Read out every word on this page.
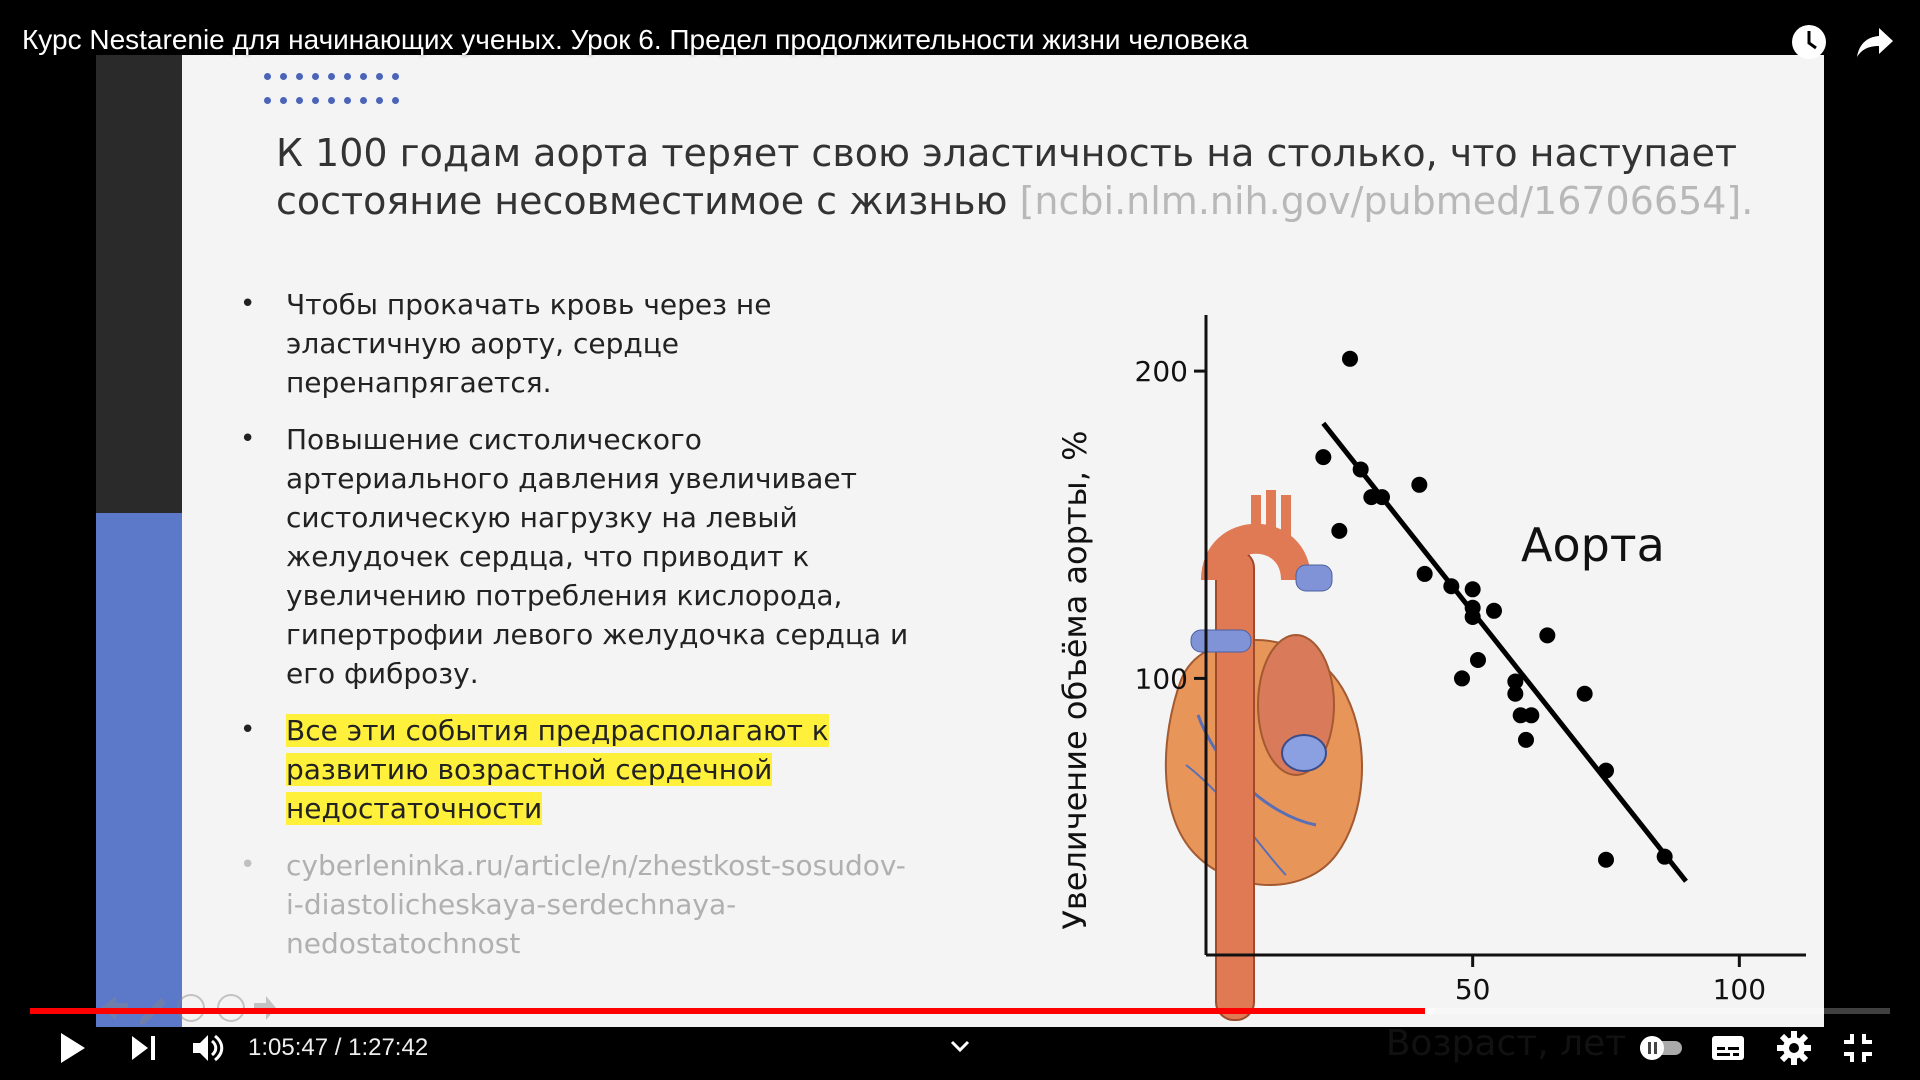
К 100 годам аорта теряет свою эластичность на столько, что наступает состояние несовместимое с жизнью [ncbi.nlm.nih.gov/pubmed/16706654].
• Чтобы прокачать кровь через не эластичную аорту, сердце перенапрягается.
• Повышение систолического артериального давления увеличивает систолическую нагрузку на левый желудочек сердца, что приводит к увеличению потребления кислорода, гипертрофии левого желудочка сердца и его фиброзу.
• Все эти события предрасполагают к развитию возрастной сердечной недостаточности
• cyberleninka.ru/article/n/zhestkost-sosudov-i-diastolicheskaya-serdechnaya-nedostatochnost
100
200
50	100
Увеличение объёма аорты, %
Возраст, лет
Аорта
Курс Nestarenie для начинающих ученых. Урок 6. Предел продолжительности жизни человека
1:05:47 / 1:27:42
